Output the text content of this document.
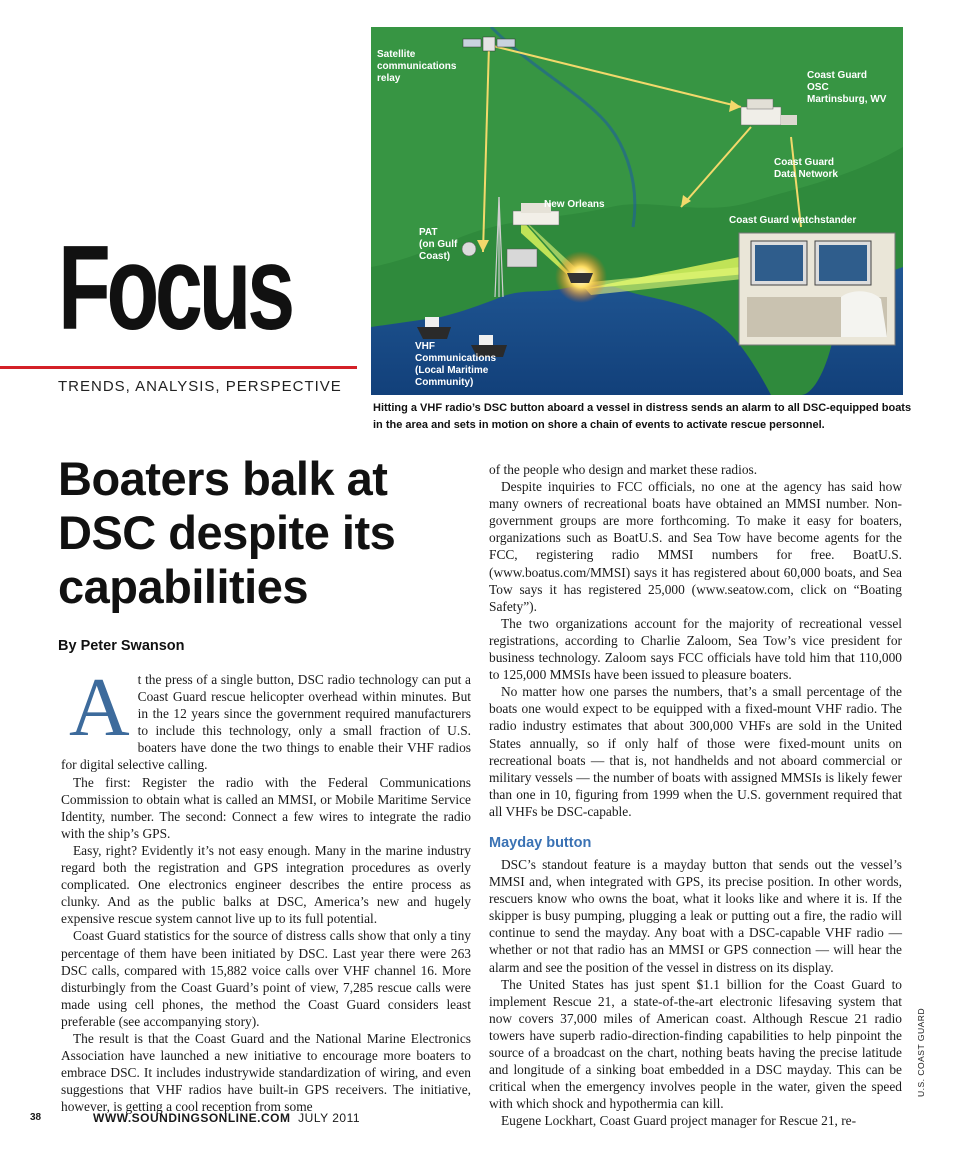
Focus
TRENDS, ANALYSIS, PERSPECTIVE
Satellite
communications
relay	Coast Guard
OSC
Martinsburg, WV
Coast Guard
Data Network
New Orleans
Coast Guard watchstander
PAT
(on Gulf
Coast)
VHF
Communications
(Local Maritime
Community)
Hitting a VHF radio’s DSC button aboard a vessel in distress sends an alarm to all DSC-equipped boats in the area and sets in motion on shore a chain of events to activate rescue personnel.
Boaters balk at DSC despite its capabilities
By Peter Swanson

At the press of a single button, DSC radio technology can put a Coast Guard rescue helicopter overhead within minutes. But in the 12 years since the government required manufacturers to include this technology, only a small fraction of U.S. boaters have done the two things to enable their VHF radios for digital selective calling.

The first: Register the radio with the Federal Communications Commission to obtain what is called an MMSI, or Mobile Maritime Service Identity, number. The second: Connect a few wires to integrate the radio with the ship’s GPS.

Easy, right? Evidently it’s not easy enough. Many in the marine industry regard both the registration and GPS integration procedures as overly complicated. One electronics engineer describes the entire process as clunky. And as the public balks at DSC, America’s new and hugely expensive rescue system cannot live up to its full potential.

Coast Guard statistics for the source of distress calls show that only a tiny percentage of them have been initiated by DSC. Last year there were 263 DSC calls, compared with 15,882 voice calls over VHF channel 16. More disturbingly from the Coast Guard’s point of view, 7,285 rescue calls were made using cell phones, the method the Coast Guard considers least preferable (see accompanying story).

The result is that the Coast Guard and the National Marine Electronics Association have launched a new initiative to encourage more boaters to embrace DSC. It includes industrywide standardization of wiring, and even suggestions that VHF radios have built-in GPS receivers. The initiative, however, is getting a cool reception from some

of the people who design and market these radios.

Despite inquiries to FCC officials, no one at the agency has said how many owners of recreational boats have obtained an MMSI number. Non-government groups are more forthcoming. To make it easy for boaters, organizations such as BoatU.S. and Sea Tow have become agents for the FCC, registering radio MMSI numbers for free. BoatU.S. (www.boatus.com/MMSI) says it has registered about 60,000 boats, and Sea Tow says it has registered 25,000 (www.seatow.com, click on “Boating Safety”).

The two organizations account for the majority of recreational vessel registrations, according to Charlie Zaloom, Sea Tow’s vice president for business technology. Zaloom says FCC officials have told him that 110,000 to 125,000 MMSIs have been issued to pleasure boaters.

No matter how one parses the numbers, that’s a small percentage of the boats one would expect to be equipped with a fixed-mount VHF radio. The radio industry estimates that about 300,000 VHFs are sold in the United States annually, so if only half of those were fixed-mount units on recreational boats — that is, not handhelds and not aboard commercial or military vessels — the number of boats with assigned MMSIs is likely fewer than one in 10, figuring from 1999 when the U.S. government required that all VHFs be DSC-capable.

Mayday button

DSC’s standout feature is a mayday button that sends out the vessel’s MMSI and, when integrated with GPS, its precise position. In other words, rescuers know who owns the boat, what it looks like and where it is. If the skipper is busy pumping, plugging a leak or putting out a fire, the radio will continue to send the mayday. Any boat with a DSC-capable VHF radio — whether or not that radio has an MMSI or GPS connection — will hear the alarm and see the position of the vessel in distress on its display.

The United States has just spent $1.1 billion for the Coast Guard to implement Rescue 21, a state-of-the-art electronic lifesaving system that now covers 37,000 miles of American coast. Although Rescue 21 radio towers have superb radio-direction-finding capabilities to help pinpoint the source of a broadcast on the chart, nothing beats having the precise latitude and longitude of a sinking boat embedded in a DSC mayday. This can be critical when the emergency involves people in the water, given the speed with which shock and hypothermia can kill.

Eugene Lockhart, Coast Guard project manager for Rescue 21, re-

38	WWW.SOUNDINGSONLINE.COM JULY 2011
U.S. COAST GUARD
